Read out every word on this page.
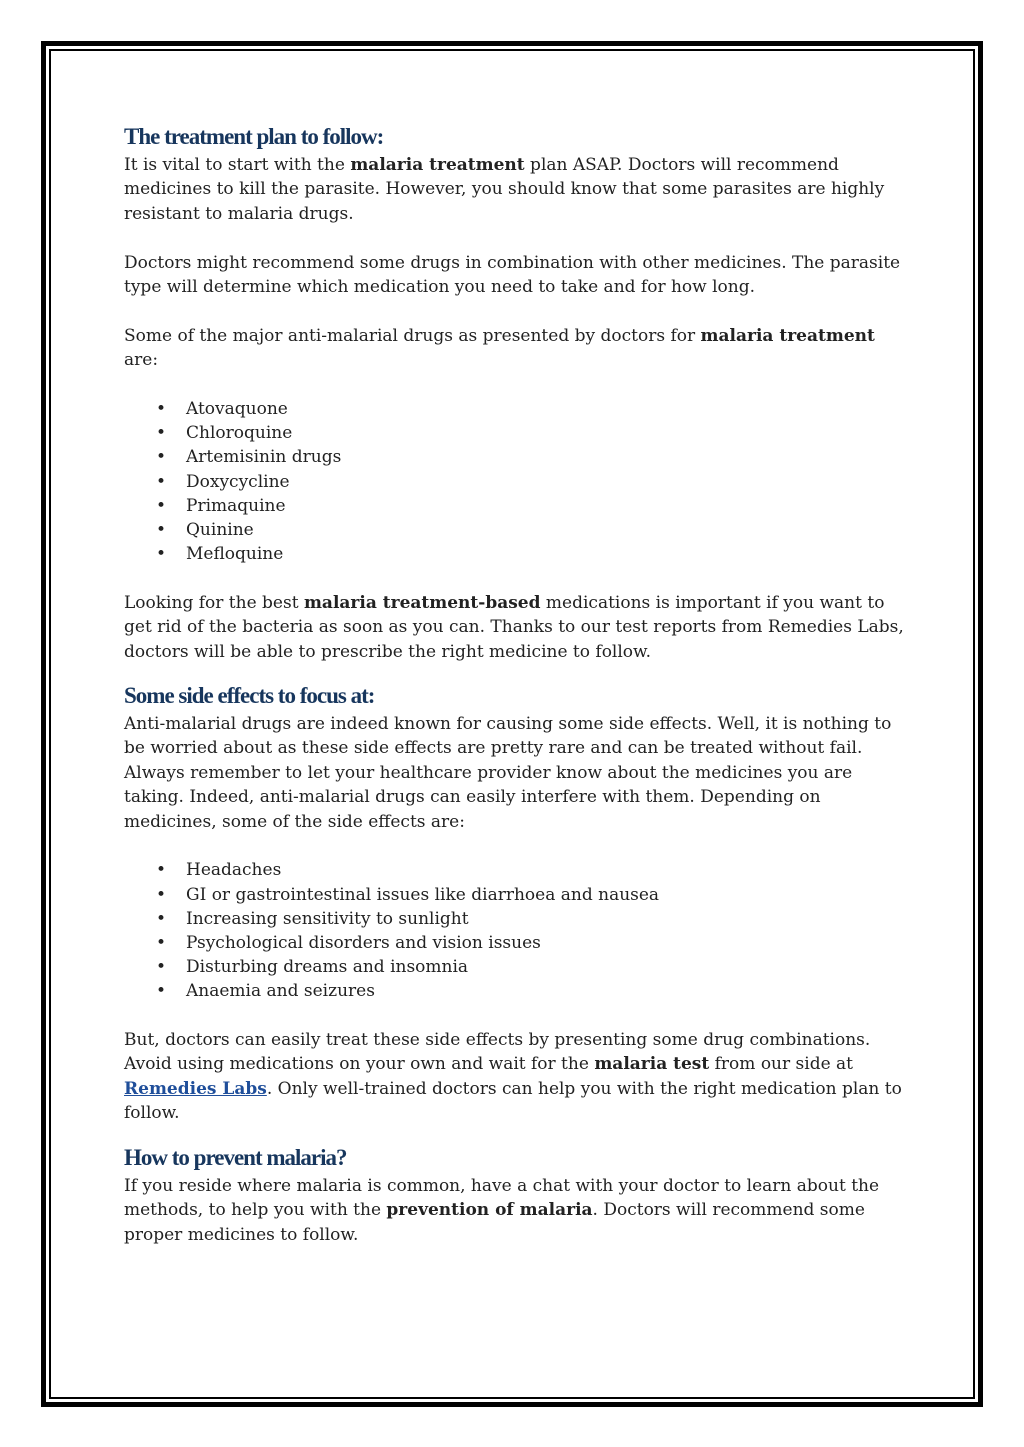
The treatment plan to follow:

It is vital to start with the malaria treatment plan ASAP. Doctors will recommend medicines to kill the parasite. However, you should know that some parasites are highly resistant to malaria drugs.

Doctors might recommend some drugs in combination with other medicines. The parasite type will determine which medication you need to take and for how long.

Some of the major anti-malarial drugs as presented by doctors for malaria treatment are:

• Atovaquone
• Chloroquine
• Artemisinin drugs
• Doxycycline
• Primaquine
• Quinine
• Mefloquine

Looking for the best malaria treatment-based medications is important if you want to get rid of the bacteria as soon as you can. Thanks to our test reports from Remedies Labs, doctors will be able to prescribe the right medicine to follow.

Some side effects to focus at:

Anti-malarial drugs are indeed known for causing some side effects. Well, it is nothing to be worried about as these side effects are pretty rare and can be treated without fail. Always remember to let your healthcare provider know about the medicines you are taking. Indeed, anti-malarial drugs can easily interfere with them. Depending on medicines, some of the side effects are:

• Headaches
• GI or gastrointestinal issues like diarrhoea and nausea
• Increasing sensitivity to sunlight
• Psychological disorders and vision issues
• Disturbing dreams and insomnia
• Anaemia and seizures

But, doctors can easily treat these side effects by presenting some drug combinations. Avoid using medications on your own and wait for the malaria test from our side at Remedies Labs. Only well-trained doctors can help you with the right medication plan to follow.

How to prevent malaria?

If you reside where malaria is common, have a chat with your doctor to learn about the methods, to help you with the prevention of malaria. Doctors will recommend some proper medicines to follow.
